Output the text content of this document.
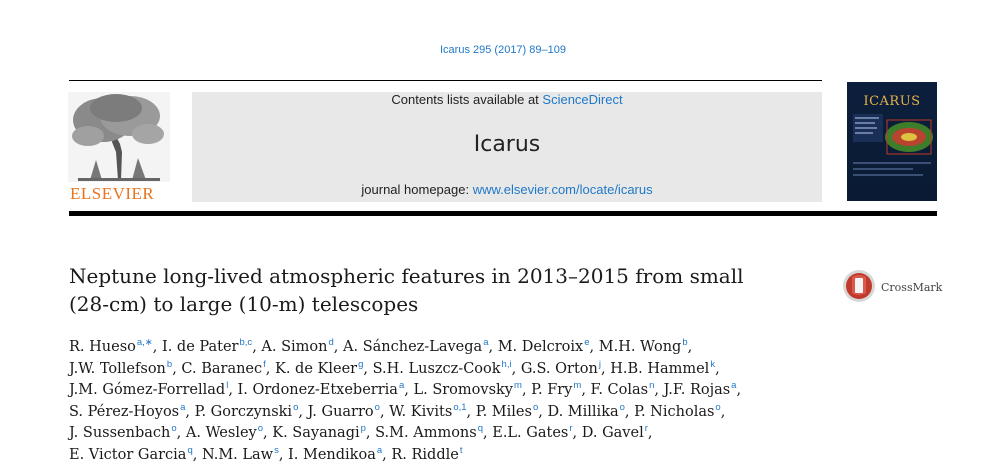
Icarus 295 (2017) 89–109
ELSEVIER
Contents lists available at ScienceDirect
Icarus
journal homepage: www.elsevier.com/locate/icarus
ICARUS
Neptune long-lived atmospheric features in 2013–2015 from small
(28-cm) to large (10-m) telescopes
CrossMark
R. Hueso$^{a,∗}$, I. de Pater$^{b,c}$, A. Simon$^d$, A. Sánchez-Lavega$^a$, M. Delcroix$^e$, M.H. Wong$^b$,
J.W. Tollefson$^b$, C. Baranec$^f$, K. de Kleer$^g$, S.H. Luszcz-Cook$^{h,i}$, G.S. Orton$^j$, H.B. Hammel$^k$,
J.M. Gómez-Forrellad$^l$, I. Ordonez-Etxeberria$^a$, L. Sromovsky$^m$, P. Fry$^m$, F. Colas$^n$, J.F. Rojas$^a$,
S. Pérez-Hoyos$^a$, P. Gorczynski$^o$, J. Guarro$^o$, W. Kivits$^{o,1}$, P. Miles$^o$, D. Millika$^o$, P. Nicholas$^o$,
J. Sussenbach$^o$, A. Wesley$^o$, K. Sayanagi$^p$, S.M. Ammons$^q$, E.L. Gates$^r$, D. Gavel$^r$,
E. Victor Garcia$^q$, N.M. Law$^s$, I. Mendikoa$^a$, R. Riddle$^t$
